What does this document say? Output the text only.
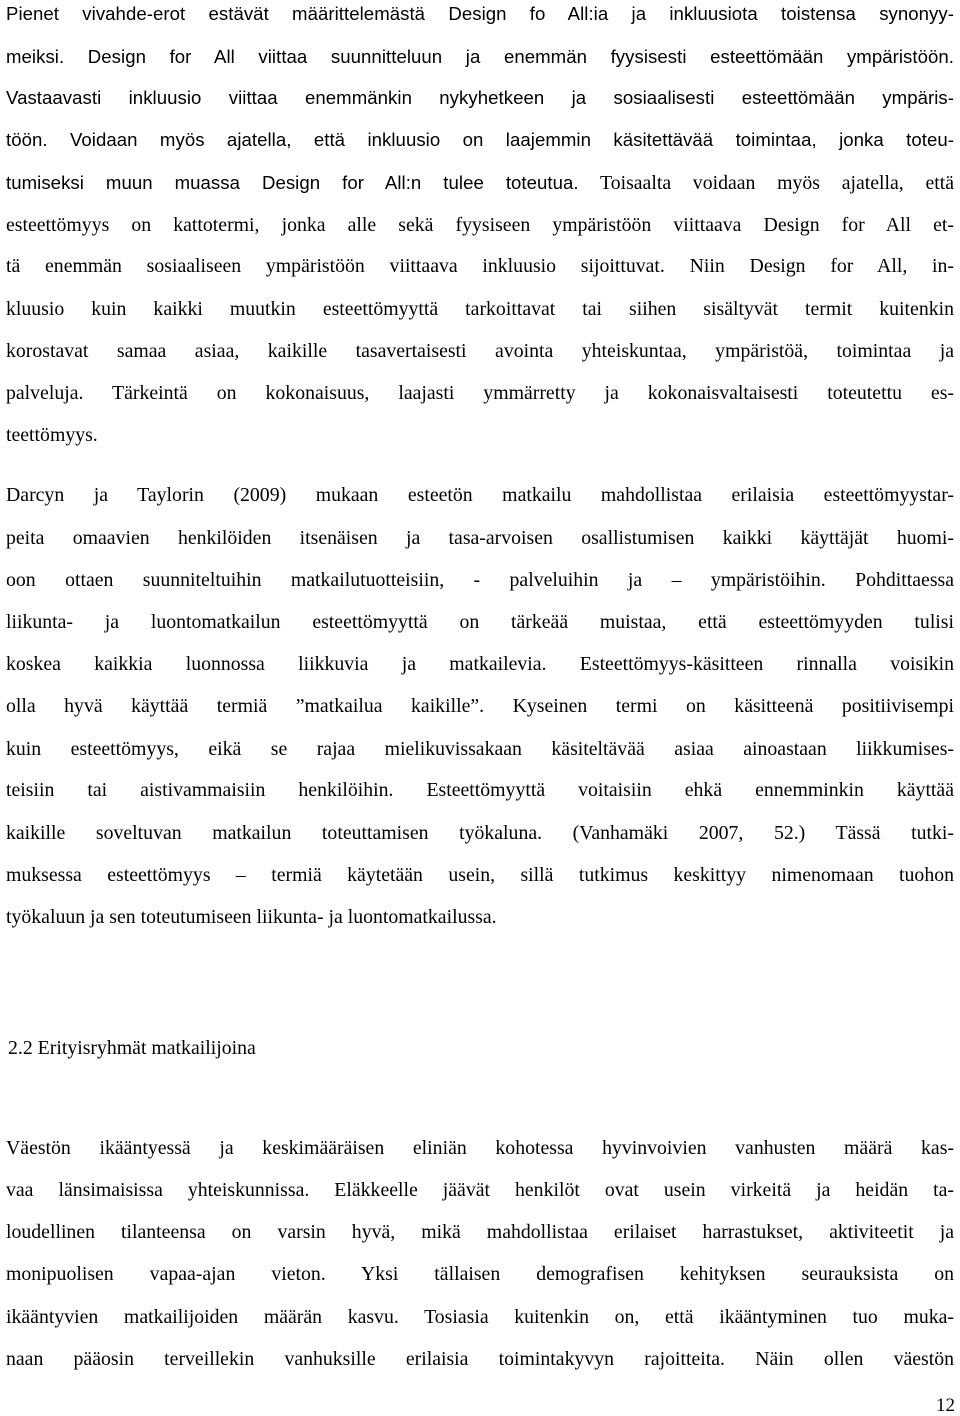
Pienet vivahde-erot estävät määrittelemästä Design fo All:ia ja inkluusiota toistensa synonyy-
meiksi. Design for All viittaa suunnitteluun ja enemmän fyysisesti esteettömään ympäristöön.
Vastaavasti inkluusio viittaa enemmänkin nykyhetkeen ja sosiaalisesti esteettömään ympäris-
töön. Voidaan myös ajatella, että inkluusio on laajemmin käsitettävää toimintaa, jonka toteu-
tumiseksi muun muassa Design for All:n tulee toteutua. Toisaalta voidaan myös ajatella, että
esteettömyys on kattotermi, jonka alle sekä fyysiseen ympäristöön viittaava Design for All et-
tä enemmän sosiaaliseen ympäristöön viittaava inkluusio sijoittuvat. Niin Design for All, in-
kluusio kuin kaikki muutkin esteettömyyttä tarkoittavat tai siihen sisältyvät termit kuitenkin
korostavat samaa asiaa, kaikille tasavertaisesti avointa yhteiskuntaa, ympäristöä, toimintaa ja
palveluja. Tärkeintä on kokonaisuus, laajasti ymmärretty ja kokonaisvaltaisesti toteutettu es-
teettömyys.
Darcyn ja Taylorin (2009) mukaan esteetön matkailu mahdollistaa erilaisia esteettömyystar-
peita omaavien henkilöiden itsenäisen ja tasa-arvoisen osallistumisen kaikki käyttäjät huomi-
oon ottaen suunniteltuihin matkailutuotteisiin, - palveluihin ja – ympäristöihin. Pohdittaessa
liikunta- ja luontomatkailun esteettömyyttä on tärkeää muistaa, että esteettömyyden tulisi
koskea kaikkia luonnossa liikkuvia ja matkailevia. Esteettömyys-käsitteen rinnalla voisikin
olla hyvä käyttää termiä ”matkailua kaikille”. Kyseinen termi on käsitteenä positiivisempi
kuin esteettömyys, eikä se rajaa mielikuvissakaan käsiteltävää asiaa ainoastaan liikkumises-
teisiin tai aistivammaisiin henkilöihin. Esteettömyyttä voitaisiin ehkä ennemminkin käyttää
kaikille soveltuvan matkailun toteuttamisen työkaluna. (Vanhamäki 2007, 52.) Tässä tutki-
muksessa esteettömyys – termiä käytetään usein, sillä tutkimus keskittyy nimenomaan tuohon
työkaluun ja sen toteutumiseen liikunta- ja luontomatkailussa.
2.2 Erityisryhmät matkailijoina
Väestön ikääntyessä ja keskimääräisen eliniän kohotessa hyvinvoivien vanhusten määrä kas-
vaa länsimaisissa yhteiskunnissa. Eläkkeelle jäävät henkilöt ovat usein virkeitä ja heidän ta-
loudellinen tilanteensa on varsin hyvä, mikä mahdollistaa erilaiset harrastukset, aktiviteetit ja
monipuolisen vapaa-ajan vieton. Yksi tällaisen demografisen kehityksen seurauksista on
ikääntyvien matkailijoiden määrän kasvu. Tosiasia kuitenkin on, että ikääntyminen tuo muka-
naan pääosin terveillekin vanhuksille erilaisia toimintakyvyn rajoitteita. Näin ollen väestön
12
